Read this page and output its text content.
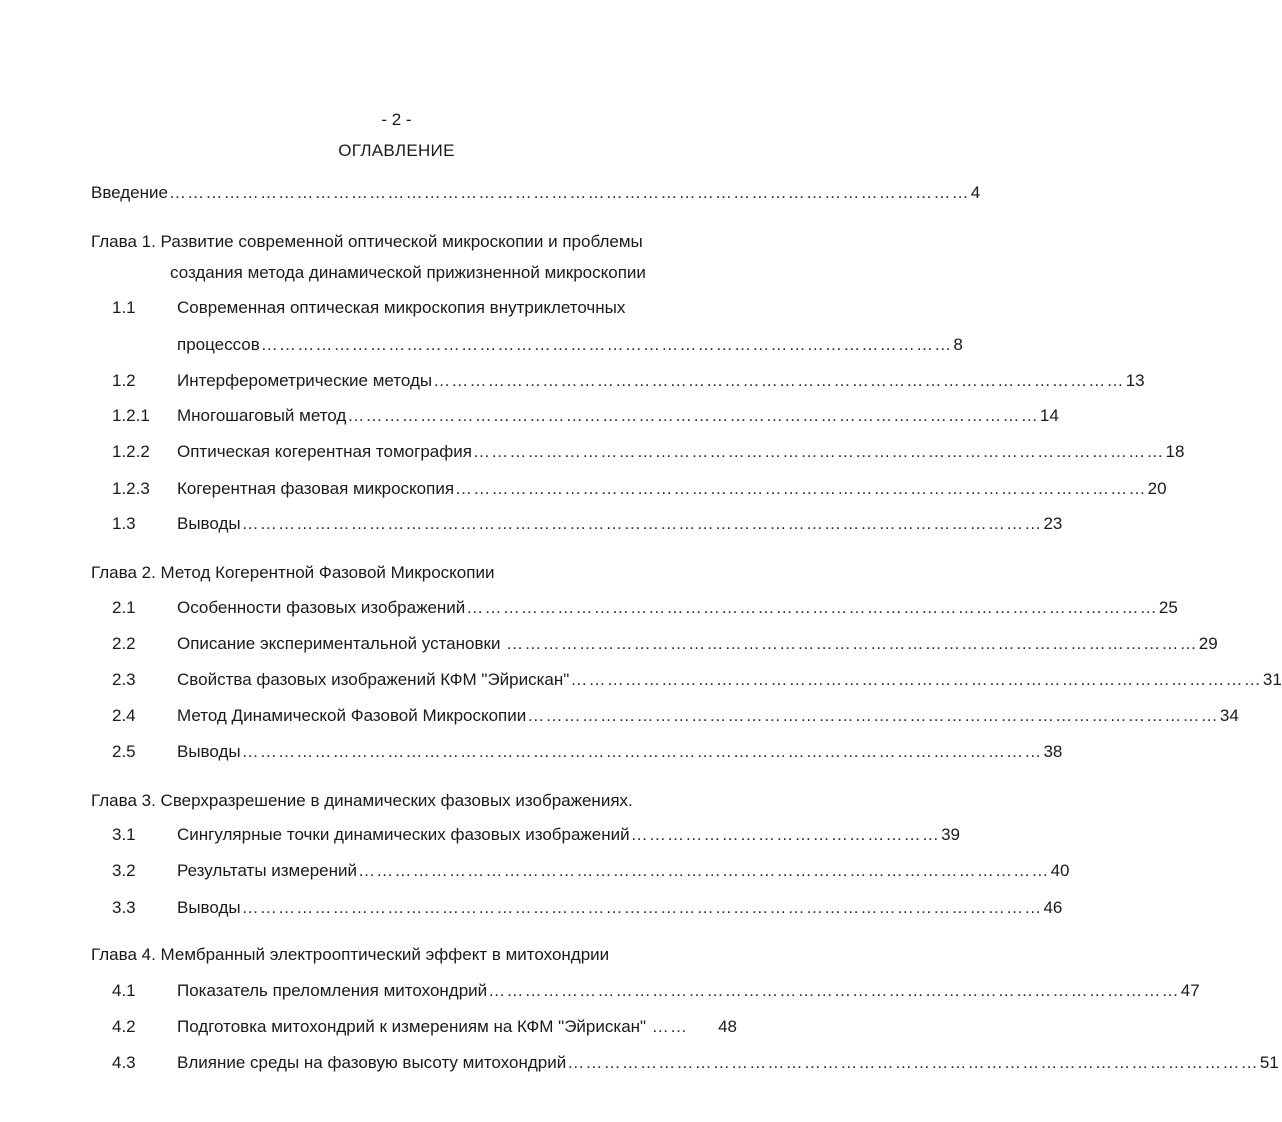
- 2 -
ОГЛАВЛЕНИЕ
Введение …………………………………………………………………………………………………………………… 4
Глава 1. Развитие современной оптической микроскопии и проблемы
создания метода динамической прижизненной микроскопии
Современная оптическая микроскопия внутриклеточных
1.1
процессов …………………………………………………………………………………………………… 8
1.2 Интерферометрические методы …………………………………………………………………………………………………… 13
1.2.1 Многошаговый метод …………………………………………………………………………………………………… 14
1.2.2 Оптическая когерентная томография …………………………………………………………………………………………………… 18
1.2.3 Когерентная фазовая микроскопия …………………………………………………………………………………………………… 20
1.3 Выводы …………………………………………………………………………………………………………………… 23
Глава 2. Метод Когерентной Фазовой Микроскопии
2.1 Особенности фазовых изображений …………………………………………………………………………………………………… 25
2.2 Описание экспериментальной установки …………………………………………………………………………………………………… 29
2.3 Свойства фазовых изображений КФМ "Эйрискан" …………………………………………………………………………………………………… 31
2.4 Метод Динамической Фазовой Микроскопии …………………………………………………………………………………………………… 34
2.5 Выводы …………………………………………………………………………………………………………………… 38
Глава 3. Сверхразрешение в динамических фазовых изображениях.
3.1 Сингулярные точки динамических фазовых изображений …………………………………………… 39
3.2 Результаты измерений …………………………………………………………………………………………………… 40
3.3 Выводы …………………………………………………………………………………………………………………… 46
Глава 4. Мембранный электрооптический эффект в митохондрии
4.1 Показатель преломления митохондрий …………………………………………………………………………………………………… 47
4.2 Подготовка митохондрий к измерениям на КФМ "Эйрискан" ……	48
4.3 Влияние среды на фазовую высоту митохондрий …………………………………………………………………………………………………… 51
